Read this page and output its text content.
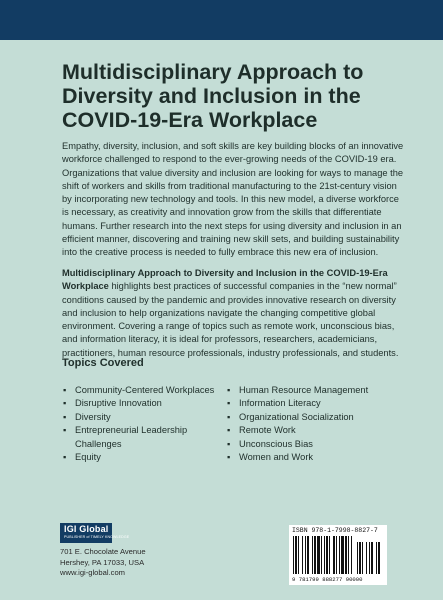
Multidisciplinary Approach to Diversity and Inclusion in the COVID-19-Era Workplace
Empathy, diversity, inclusion, and soft skills are key building blocks of an innovative workforce challenged to respond to the ever-growing needs of the COVID-19 era. Organizations that value diversity and inclusion are looking for ways to manage the shift of workers and skills from traditional manufacturing to the 21st-century vision by incorporating new technology and tools. In this new model, a diverse workforce is necessary, as creativity and innovation grow from the skills that differentiate humans. Further research into the next steps for using diversity and inclusion in an efficient manner, discovering and training new skill sets, and building sustainability into the creative process is needed to fully embrace this new era of inclusion.
Multidisciplinary Approach to Diversity and Inclusion in the COVID-19-Era Workplace highlights best practices of successful companies in the “new normal” conditions caused by the pandemic and provides innovative research on diversity and inclusion to help organizations navigate the changing competitive global environment. Covering a range of topics such as remote work, unconscious bias, and information literacy, it is ideal for professors, researchers, academicians, practitioners, human resource professionals, industry professionals, and students.
Topics Covered
▪ Community-Centered Workplaces
▪ Disruptive Innovation
▪ Diversity
▪ Entrepreneurial Leadership Challenges
▪ Equity
▪ Human Resource Management
▪ Information Literacy
▪ Organizational Socialization
▪ Remote Work
▪ Unconscious Bias
▪ Women and Work
IGI Global
PUBLISHER of TIMELY KNOWLEDGE
701 E. Chocolate Avenue
Hershey, PA 17033, USA
www.igi-global.com
ISBN 978-1-7998-8827-7
9 781799 888277 90000
